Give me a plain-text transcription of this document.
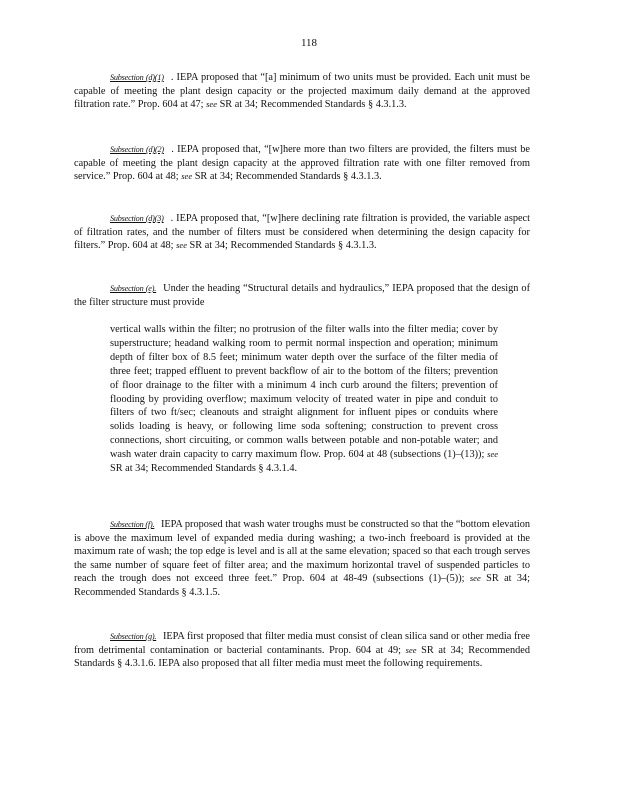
118

Subsection (d)(1) . IEPA proposed that “[a] minimum of two units must be provided. Each unit must be capable of meeting the plant design capacity or the projected maximum daily demand at the approved filtration rate.” Prop. 604 at 47; see SR at 34; Recommended Standards § 4.3.1.3.

Subsection (d)(2) . IEPA proposed that, “[w]here more than two filters are provided, the filters must be capable of meeting the plant design capacity at the approved filtration rate with one filter removed from service.” Prop. 604 at 48; see SR at 34; Recommended Standards § 4.3.1.3.

Subsection (d)(3) . IEPA proposed that, “[w]here declining rate filtration is provided, the variable aspect of filtration rates, and the number of filters must be considered when determining the design capacity for filters.” Prop. 604 at 48; see SR at 34; Recommended Standards § 4.3.1.3.

Subsection (e). Under the heading “Structural details and hydraulics,” IEPA proposed that the design of the filter structure must provide

vertical walls within the filter; no protrusion of the filter walls into the filter media; cover by superstructure; headand walking room to permit normal inspection and operation; minimum depth of filter box of 8.5 feet; minimum water depth over the surface of the filter media of three feet; trapped effluent to prevent backflow of air to the bottom of the filters; prevention of floor drainage to the filter with a minimum 4 inch curb around the filters; prevention of flooding by providing overflow; maximum velocity of treated water in pipe and conduit to filters of two ft/sec; cleanouts and straight alignment for influent pipes or conduits where solids loading is heavy, or following lime soda softening; construction to prevent cross connections, short circuiting, or common walls between potable and non-potable water; and wash water drain capacity to carry maximum flow. Prop. 604 at 48 (subsections (1)–(13)); see SR at 34; Recommended Standards § 4.3.1.4.

Subsection (f). IEPA proposed that wash water troughs must be constructed so that the “bottom elevation is above the maximum level of expanded media during washing; a two-inch freeboard is provided at the maximum rate of wash; the top edge is level and is all at the same elevation; spaced so that each trough serves the same number of square feet of filter area; and the maximum horizontal travel of suspended particles to reach the trough does not exceed three feet.” Prop. 604 at 48-49 (subsections (1)–(5)); see SR at 34; Recommended Standards § 4.3.1.5.

Subsection (g). IEPA first proposed that filter media must consist of clean silica sand or other media free from detrimental contamination or bacterial contaminants. Prop. 604 at 49; see SR at 34; Recommended Standards § 4.3.1.6. IEPA also proposed that all filter media must meet the following requirements.
